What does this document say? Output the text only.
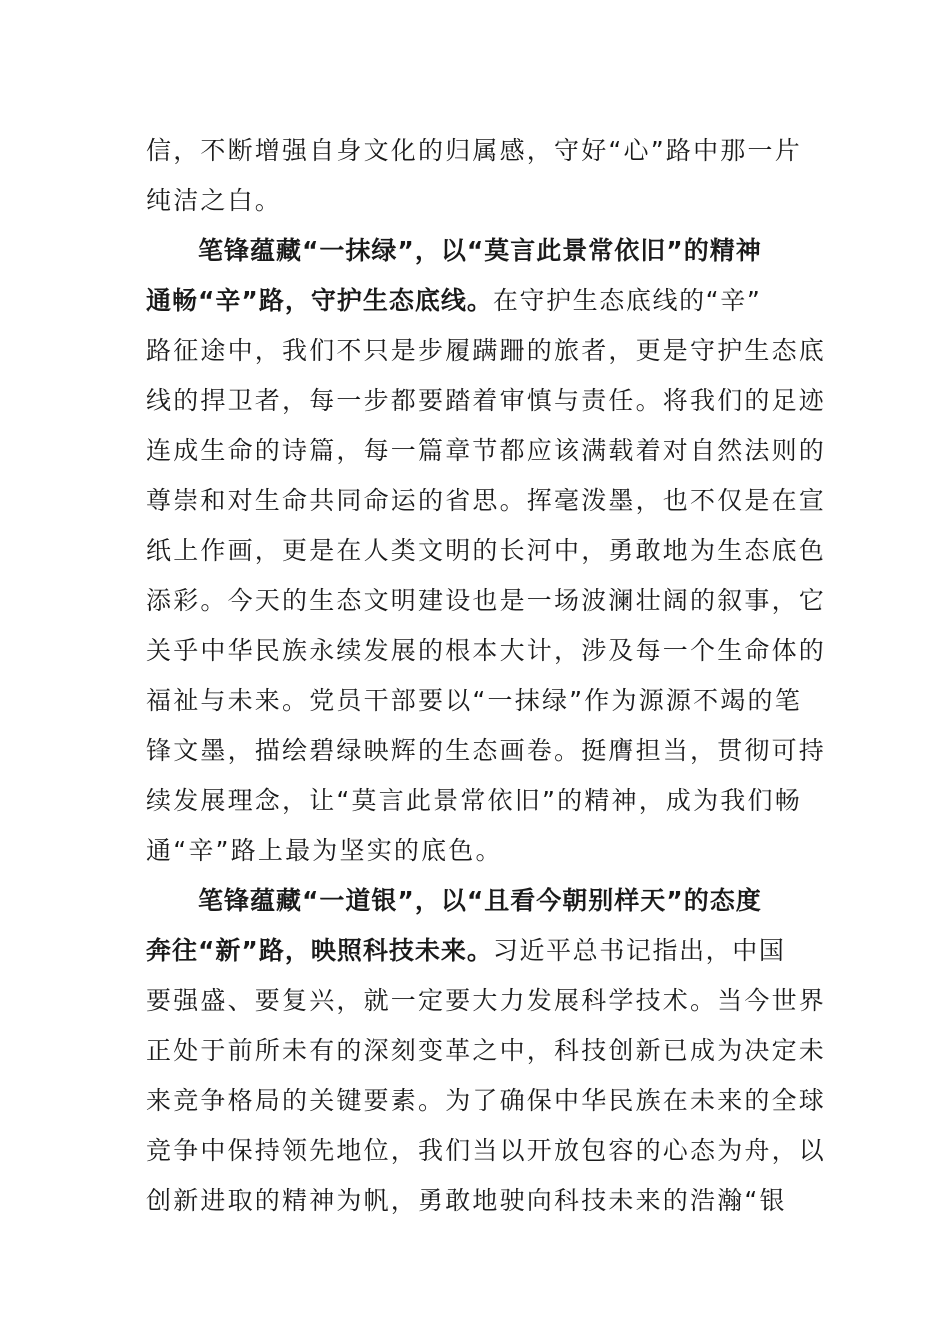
信，不断增强自身文化的归属感，守好“心”路中那一片
纯洁之白。
笔锋蕴藏“一抹绿”，以“莫言此景常依旧”的精神
通畅“辛”路，守护生态底线。在守护生态底线的“辛”
路征途中，我们不只是步履蹒跚的旅者，更是守护生态底
线的捍卫者，每一步都要踏着审慎与责任。将我们的足迹
连成生命的诗篇，每一篇章节都应该满载着对自然法则的
尊崇和对生命共同命运的省思。挥毫泼墨，也不仅是在宣
纸上作画，更是在人类文明的长河中，勇敢地为生态底色
添彩。今天的生态文明建设也是一场波澜壮阔的叙事，它
关乎中华民族永续发展的根本大计，涉及每一个生命体的
福祉与未来。党员干部要以“一抹绿”作为源源不竭的笔
锋文墨，描绘碧绿映辉的生态画卷。挺膺担当，贯彻可持
续发展理念，让“莫言此景常依旧”的精神，成为我们畅
通“辛”路上最为坚实的底色。
笔锋蕴藏“一道银”，以“且看今朝别样天”的态度
奔往“新”路，映照科技未来。习近平总书记指出，中国
要强盛、要复兴，就一定要大力发展科学技术。当今世界
正处于前所未有的深刻变革之中，科技创新已成为决定未
来竞争格局的关键要素。为了确保中华民族在未来的全球
竞争中保持领先地位，我们当以开放包容的心态为舟，以
创新进取的精神为帆，勇敢地驶向科技未来的浩瀚“银
